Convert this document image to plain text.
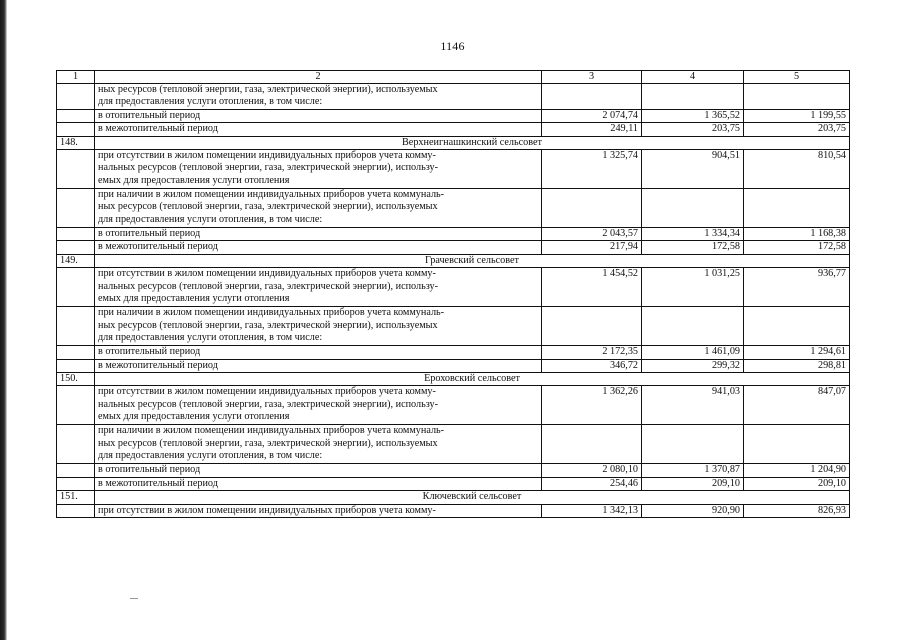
1146
1	2	3	4	5

	ных ресурсов (тепловой энергии, газа, электрической энергии), используемых
для предоставления услуги отопления, в том числе:			

	в отопительный период	2 074,74	1 365,52	1 199,55
	в межотопительный период	249,11	203,75	203,75
148.	Верхнеигнашкинский сельсовет			

	при отсутствии в жилом помещении индивидуальных приборов учета комму-
нальных ресурсов (тепловой энергии, газа, электрической энергии), использу-
емых для предоставления услуги отопления	1 325,74	904,51	810,54

	при наличии в жилом помещении индивидуальных приборов учета коммуналь-
ных ресурсов (тепловой энергии, газа, электрической энергии), используемых
для предоставления услуги отопления, в том числе:			

	в отопительный период	2 043,57	1 334,34	1 168,38
	в межотопительный период	217,94	172,58	172,58
149.	Грачевский сельсовет			

	при отсутствии в жилом помещении индивидуальных приборов учета комму-
нальных ресурсов (тепловой энергии, газа, электрической энергии), использу-
емых для предоставления услуги отопления	1 454,52	1 031,25	936,77

	при наличии в жилом помещении индивидуальных приборов учета коммуналь-
ных ресурсов (тепловой энергии, газа, электрической энергии), используемых
для предоставления услуги отопления, в том числе:			

	в отопительный период	2 172,35	1 461,09	1 294,61
	в межотопительный период	346,72	299,32	298,81
150.	Ероховский сельсовет			

	при отсутствии в жилом помещении индивидуальных приборов учета комму-
нальных ресурсов (тепловой энергии, газа, электрической энергии), использу-
емых для предоставления услуги отопления	1 362,26	941,03	847,07

	при наличии в жилом помещении индивидуальных приборов учета коммуналь-
ных ресурсов (тепловой энергии, газа, электрической энергии), используемых
для предоставления услуги отопления, в том числе:			

	в отопительный период	2 080,10	1 370,87	1 204,90
	в межотопительный период	254,46	209,10	209,10
151.	Ключевский сельсовет			
	при отсутствии в жилом помещении индивидуальных приборов учета комму-	1 342,13	920,90	826,93
